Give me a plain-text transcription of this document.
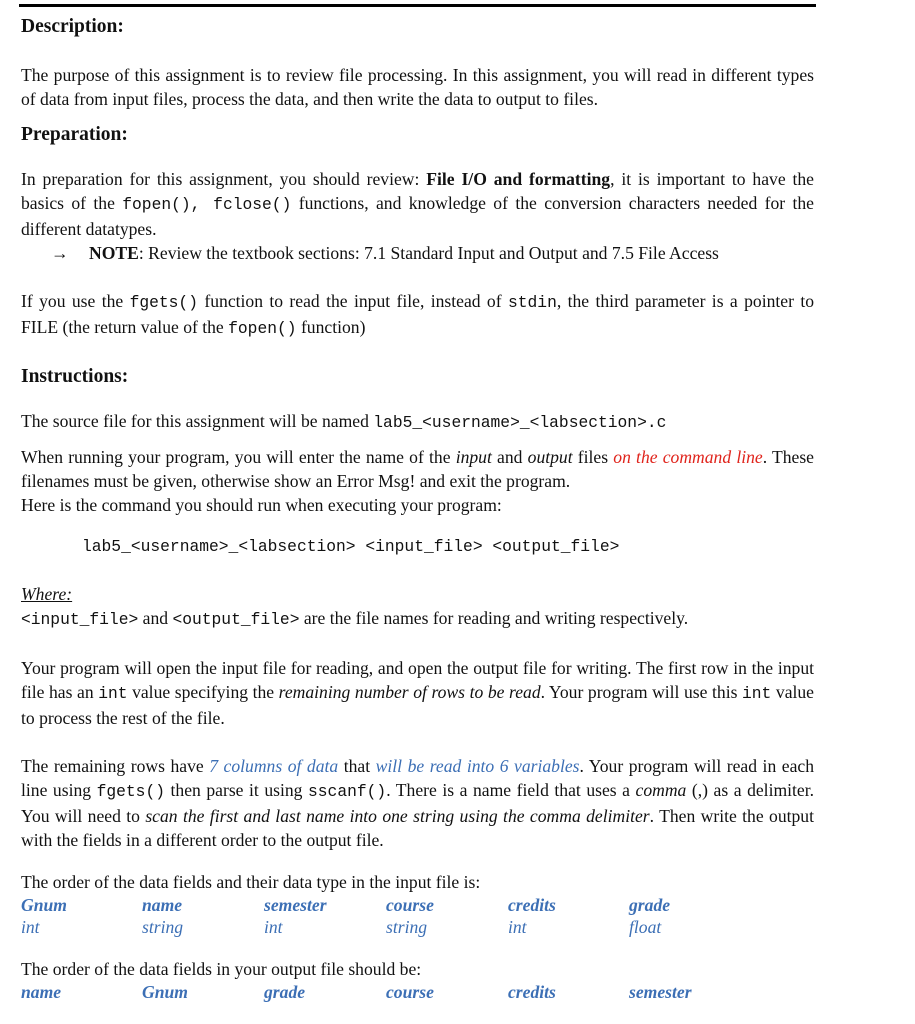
Description:

The purpose of this assignment is to review file processing. In this assignment, you will read in different types of data from input files, process the data, and then write the data to output to files.

Preparation:

In preparation for this assignment, you should review: File I/O and formatting, it is important to have the basics of the fopen(), fclose() functions, and knowledge of the conversion characters needed for the different datatypes.

→ NOTE: Review the textbook sections: 7.1 Standard Input and Output and 7.5 File Access

If you use the fgets() function to read the input file, instead of stdin, the third parameter is a pointer to FILE (the return value of the fopen() function)

Instructions:

The source file for this assignment will be named lab5_<username>_<labsection>.c

When running your program, you will enter the name of the input and output files on the command line. These filenames must be given, otherwise show an Error Msg! and exit the program.

Here is the command you should run when executing your program:

lab5_<username>_<labsection> <input_file> <output_file>

Where:

<input_file> and <output_file> are the file names for reading and writing respectively.

Your program will open the input file for reading, and open the output file for writing. The first row in the input file has an int value specifying the remaining number of rows to be read. Your program will use this int value to process the rest of the file.

The remaining rows have 7 columns of data that will be read into 6 variables. Your program will read in each line using fgets() then parse it using sscanf(). There is a name field that uses a comma (,) as a delimiter. You will need to scan the first and last name into one string using the comma delimiter. Then write the output with the fields in a different order to the output file.

The order of the data fields and their data type in the input file is:

Gnum	name	semester	course	credits	grade
int	string	int	string	int	float

The order of the data fields in your output file should be:

name	Gnum	grade	course	credits	semester
